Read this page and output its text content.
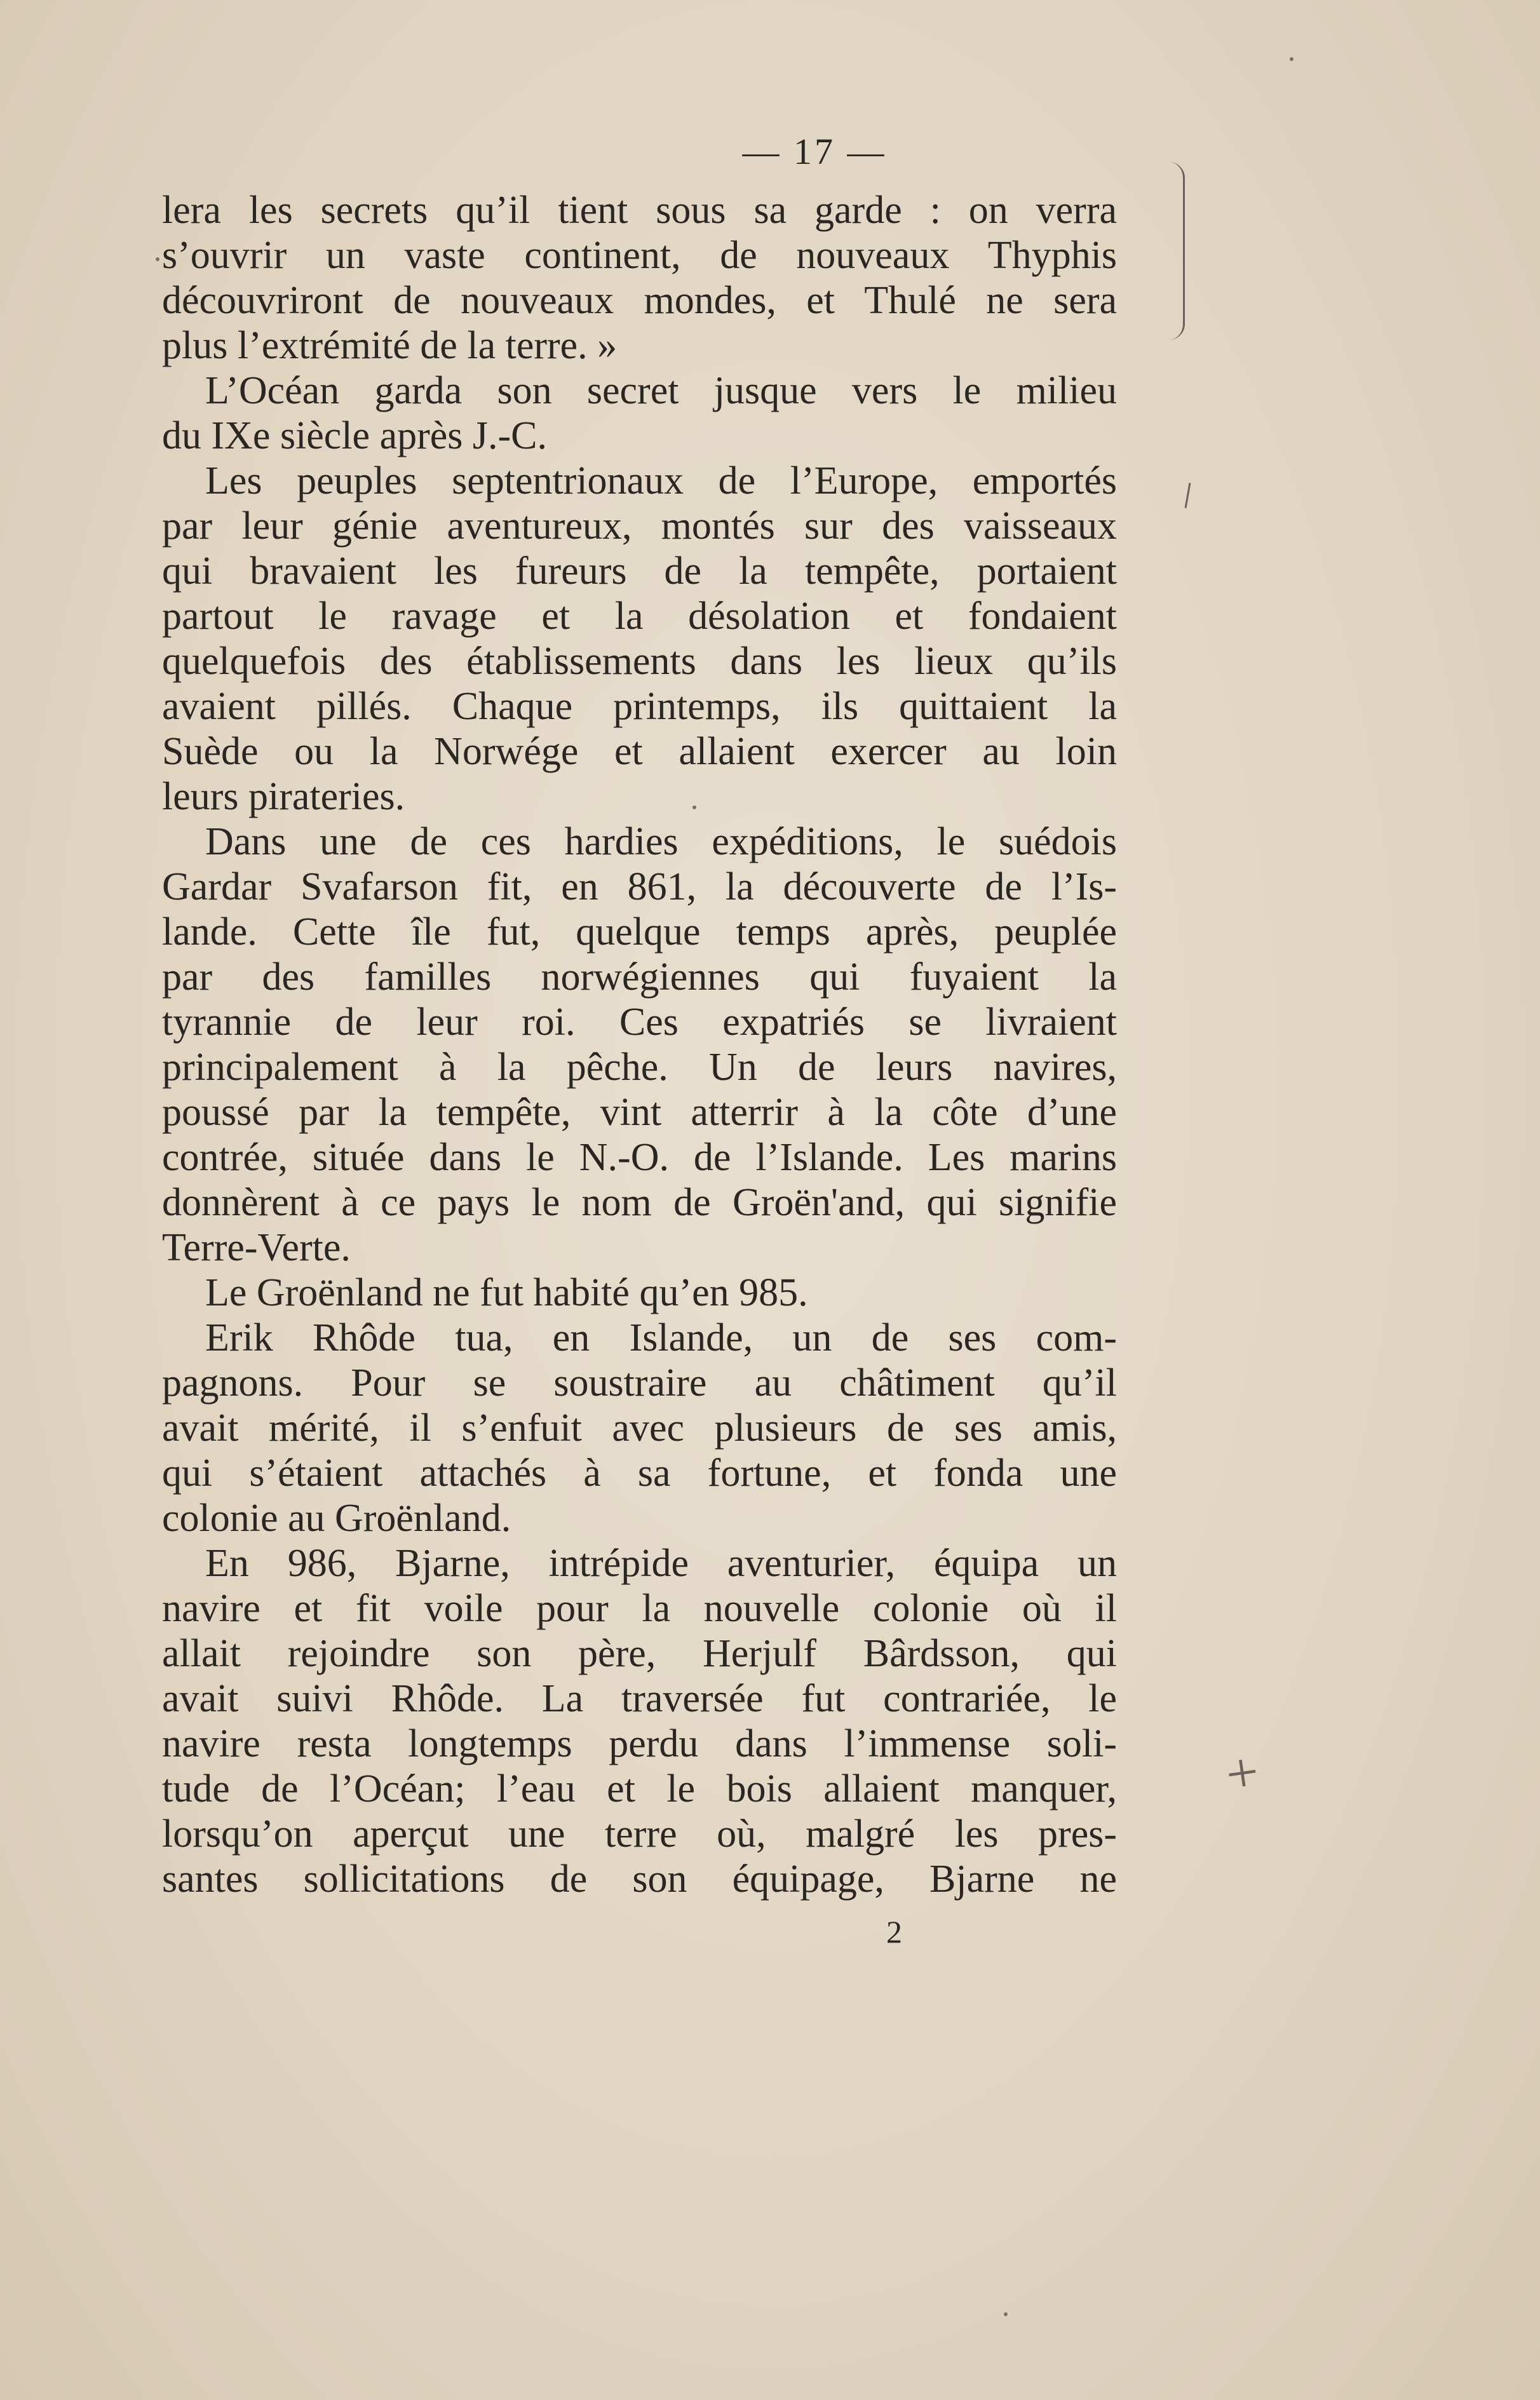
— 17 —
lera les secrets qu’il tient sous sa garde : on verra
s’ouvrir un vaste continent, de nouveaux Thyphis
découvriront de nouveaux mondes, et Thulé ne sera
plus l’extrémité de la terre. »
L’Océan garda son secret jusque vers le milieu
du IXe siècle après J.-C.
Les peuples septentrionaux de l’Europe, emportés
par leur génie aventureux, montés sur des vaisseaux
qui bravaient les fureurs de la tempête, portaient
partout le ravage et la désolation et fondaient
quelquefois des établissements dans les lieux qu’ils
avaient pillés. Chaque printemps, ils quittaient la
Suède ou la Norwége et allaient exercer au loin
leurs pirateries.
Dans une de ces hardies expéditions, le suédois
Gardar Svafarson fit, en 861, la découverte de l’Is-
lande. Cette île fut, quelque temps après, peuplée
par des familles norwégiennes qui fuyaient la
tyrannie de leur roi. Ces expatriés se livraient
principalement à la pêche. Un de leurs navires,
poussé par la tempête, vint atterrir à la côte d’une
contrée, située dans le N.-O. de l’Islande. Les marins
donnèrent à ce pays le nom de Groën'and, qui signifie
Terre-Verte.
Le Groënland ne fut habité qu’en 985.
Erik Rhôde tua, en Islande, un de ses com-
pagnons. Pour se soustraire au châtiment qu’il
avait mérité, il s’enfuit avec plusieurs de ses amis,
qui s’étaient attachés à sa fortune, et fonda une
colonie au Groënland.
En 986, Bjarne, intrépide aventurier, équipa un
navire et fit voile pour la nouvelle colonie où il
allait rejoindre son père, Herjulf Bârdsson, qui
avait suivi Rhôde. La traversée fut contrariée, le
navire resta longtemps perdu dans l’immense soli-
tude de l’Océan; l’eau et le bois allaient manquer,
lorsqu’on aperçut une terre où, malgré les pres-
santes sollicitations de son équipage, Bjarne ne
2
+
